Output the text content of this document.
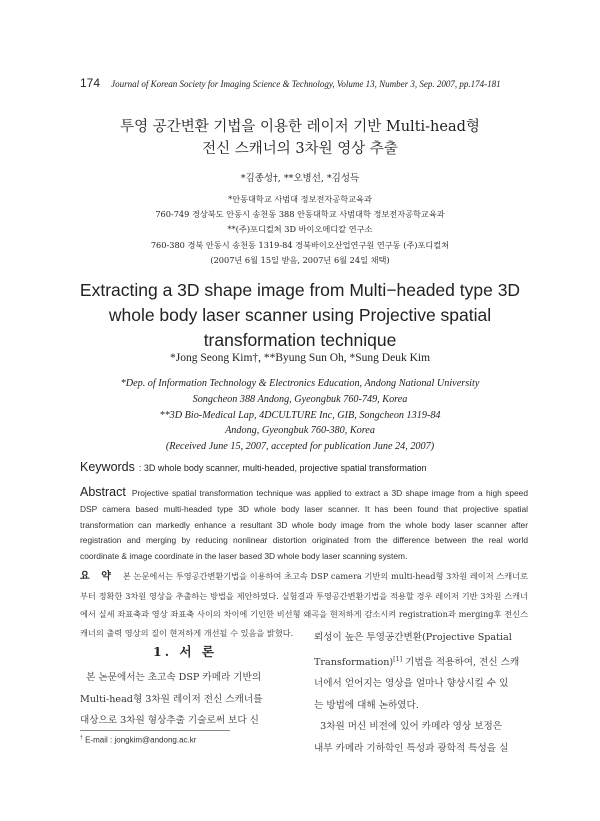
174 Journal of Korean Society for Imaging Science & Technology, Volume 13, Number 3, Sep. 2007, pp.174-181
투영 공간변환 기법을 이용한 레이저 기반 Multi-head형
전신 스캐너의 3차원 영상 추출
*김종성†, **오병선, *김성득
*안동대학교 사범대 정보전자공학교육과
760-749 경상북도 안동시 송천동 388 안동대학교 사범대학 정보전자공학교육과
**(주)포디컬쳐 3D 바이오메디칼 연구소
760-380 경북 안동시 송천동 1319-84 경북바이오산업연구원 연구동 (주)포디컬쳐
(2007년 6월 15일 받음, 2007년 6월 24일 채택)
Extracting a 3D shape image from Multi−headed type 3D
whole body laser scanner using Projective spatial
transformation technique
*Jong Seong Kim†, **Byung Sun Oh, *Sung Deuk Kim
*Dep. of Information Technology & Electronics Education, Andong National University
Songcheon 388 Andong, Gyeongbuk 760-749, Korea
**3D Bio-Medical Lap, 4DCULTURE Inc, GIB, Songcheon 1319-84
Andong, Gyeongbuk 760-380, Korea
(Received June 15, 2007, accepted for publication June 24, 2007)
Keywords : 3D whole body scanner, multi-headed, projective spatial transformation
Abstract Projective spatial transformation technique was applied to extract a 3D shape image from a high speed DSP camera based multi-headed type 3D whole body laser scanner. It has been found that projective spatial transformation can markedly enhance a resultant 3D whole body image from the whole body laser scanner after registration and merging by reducing nonlinear distortion originated from the difference between the real world coordinate & image coordinate in the laser based 3D whole body laser scanning system.
요 약 본 논문에서는 투영공간변환기법을 이용하여 초고속 DSP camera 기반의 multi-head형 3차원 레이저 스캐너로부터 정확한 3차원 영상을 추출하는 방법을 제안하였다. 실험결과 투영공간변환기법을 적용할 경우 레이저 기반 3차원 스캐너에서 실세 좌표축과 영상 좌표축 사이의 차이에 기인한 비선형 왜곡을 현저하게 감소시켜 registration과 merging후 전신스캐너의 출력 영상의 질이 현저하게 개선될 수 있음을 밝혔다.
1. 서 론
본 논문에서는 초고속 DSP 카메라 기반의
Multi-head형 3차원 레이저 전신 스캐너를
대상으로 3차원 형상추출 기술로써 보다 신
뢰성이 높은 투영공간변환(Projective Spatial
Transformation)[1] 기법을 적용하여, 전신 스캐
너에서 얻어지는 영상을 얼마나 향상시킬 수 있
는 방법에 대해 논하였다.
3차원 머신 비전에 있어 카메라 영상 보정은
내부 카메라 기하학인 특성과 광학적 특성을 실
† E-mail : jongkim@andong.ac.kr
